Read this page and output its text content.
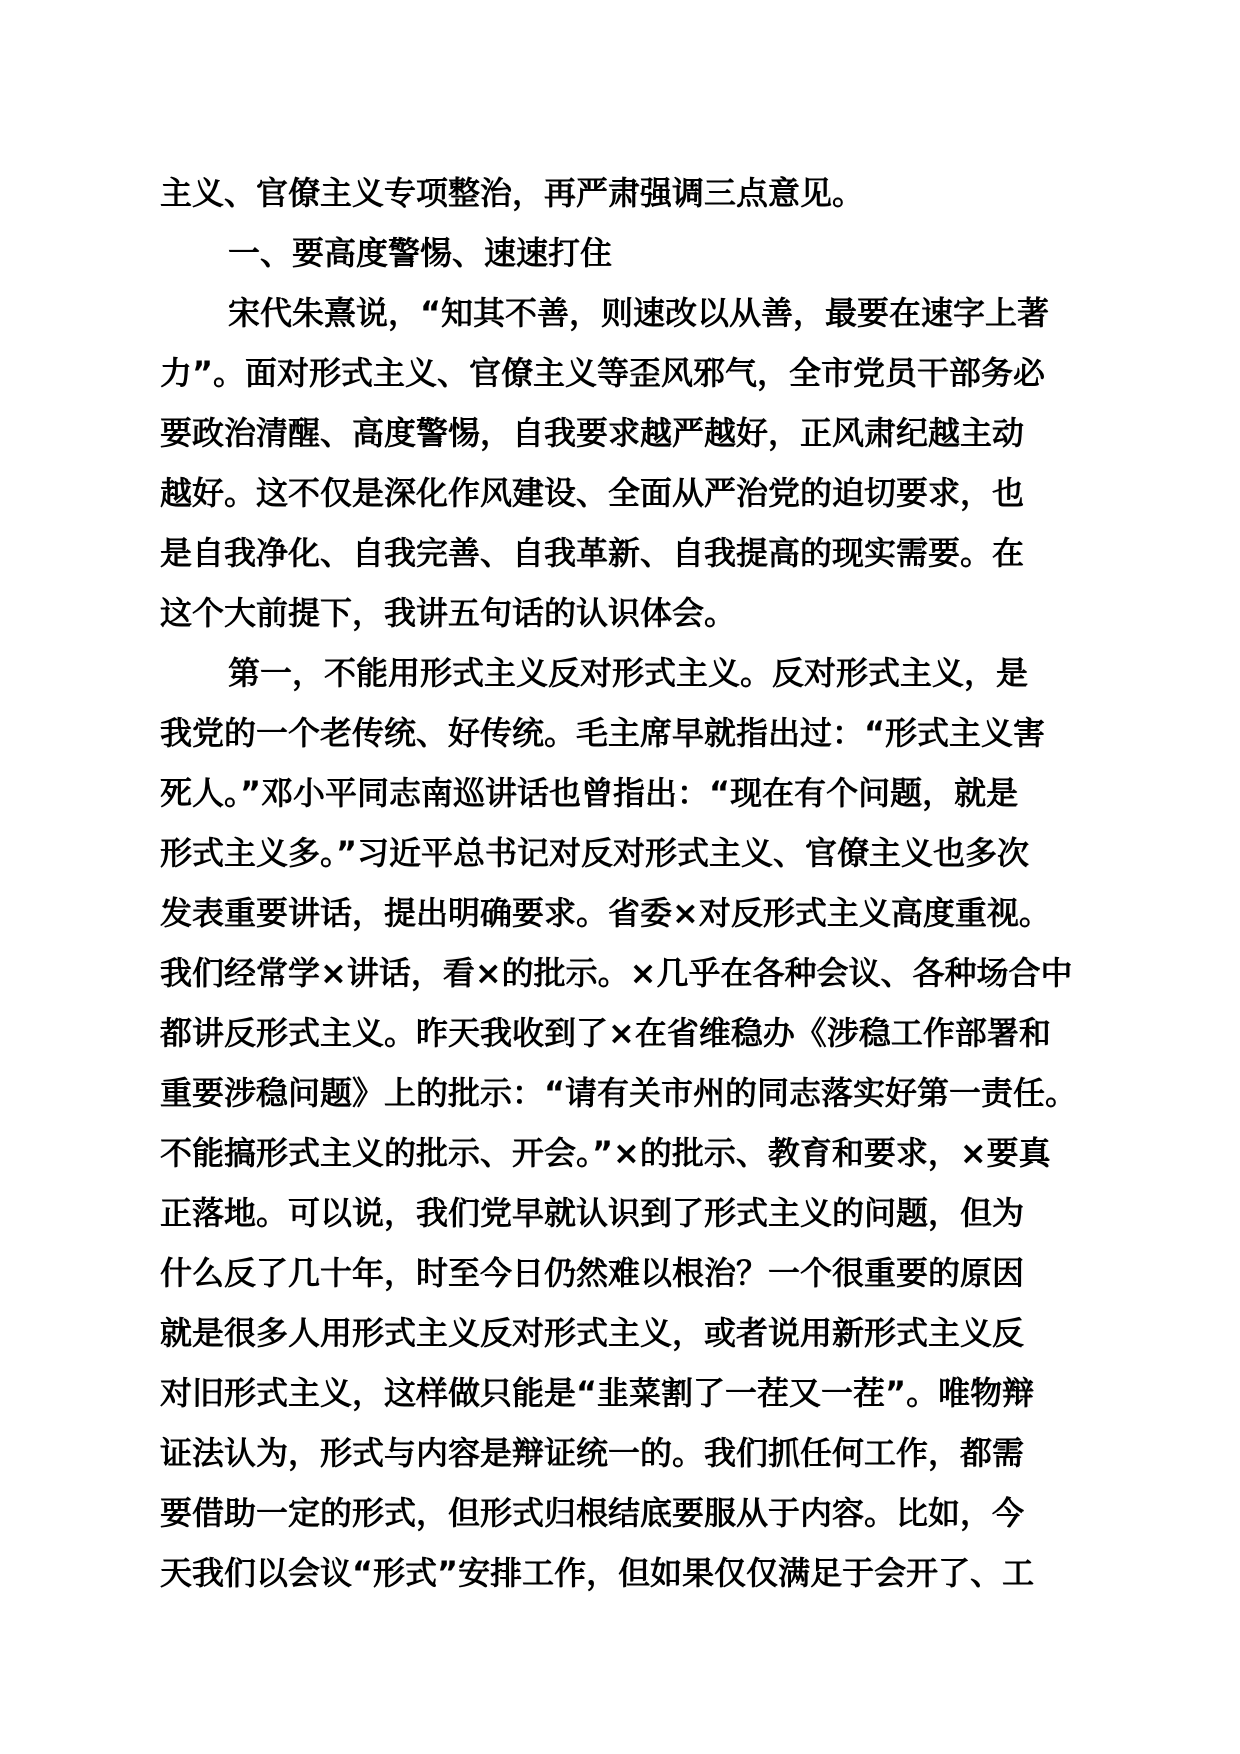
主义、官僚主义专项整治，再严肃强调三点意见。
一、要高度警惕、速速打住
宋代朱熹说，“知其不善，则速改以从善，最要在速字上著
力”。面对形式主义、官僚主义等歪风邪气，全市党员干部务必
要政治清醒、高度警惕，自我要求越严越好，正风肃纪越主动
越好。这不仅是深化作风建设、全面从严治党的迫切要求，也
是自我净化、自我完善、自我革新、自我提高的现实需要。在
这个大前提下，我讲五句话的认识体会。
第一，不能用形式主义反对形式主义。反对形式主义，是
我党的一个老传统、好传统。毛主席早就指出过：“形式主义害
死人。”邓小平同志南巡讲话也曾指出：“现在有个问题，就是
形式主义多。”习近平总书记对反对形式主义、官僚主义也多次
发表重要讲话，提出明确要求。省委×对反形式主义高度重视。
我们经常学×讲话，看×的批示。×几乎在各种会议、各种场合中
都讲反形式主义。昨天我收到了×在省维稳办《涉稳工作部署和
重要涉稳问题》上的批示：“请有关市州的同志落实好第一责任。
不能搞形式主义的批示、开会。”×的批示、教育和要求，×要真
正落地。可以说，我们党早就认识到了形式主义的问题，但为
什么反了几十年，时至今日仍然难以根治？一个很重要的原因
就是很多人用形式主义反对形式主义，或者说用新形式主义反
对旧形式主义，这样做只能是“韭菜割了一茬又一茬”。唯物辩
证法认为，形式与内容是辩证统一的。我们抓任何工作，都需
要借助一定的形式，但形式归根结底要服从于内容。比如，今
天我们以会议“形式”安排工作，但如果仅仅满足于会开了、工
